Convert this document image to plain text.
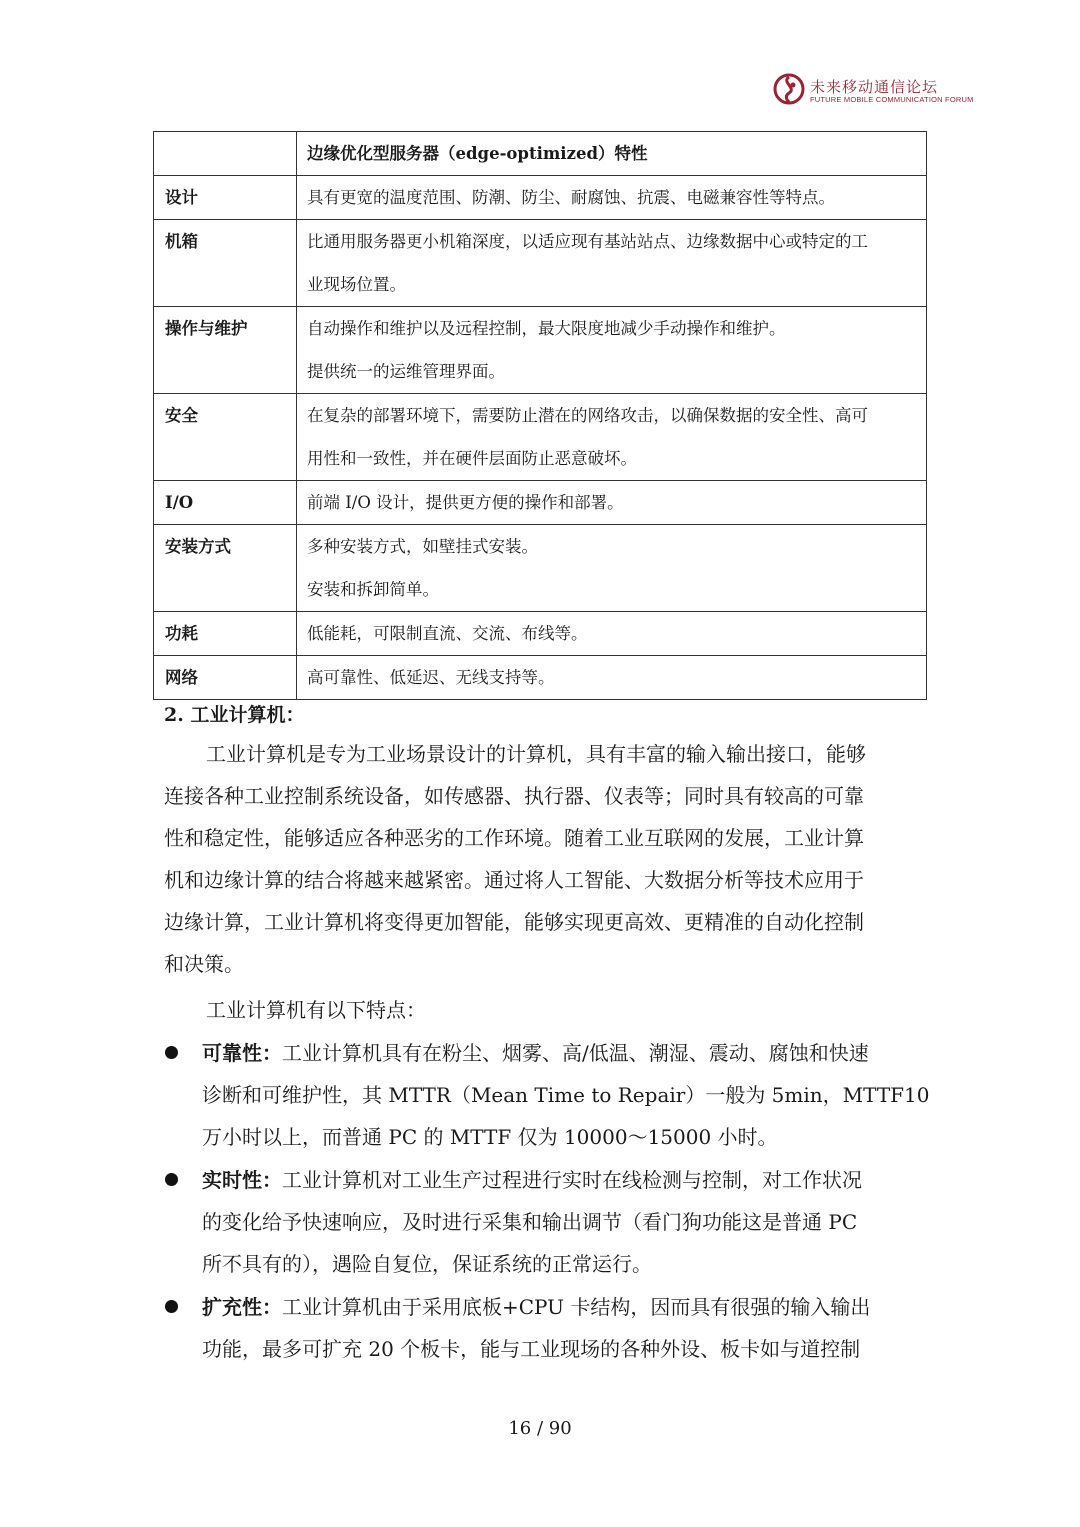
未来移动通信论坛
FUTURE MOBILE COMMUNICATION FORUM

	边缘优化型服务器（edge-optimized）特性

设计	具有更宽的温度范围、防潮、防尘、耐腐蚀、抗震、电磁兼容性等特点。

机箱	比通用服务器更小机箱深度，以适应现有基站站点、边缘数据中心或特定的工
业现场位置。

操作与维护	自动操作和维护以及远程控制，最大限度地减少手动操作和维护。
提供统一的运维管理界面。

安全	在复杂的部署环境下，需要防止潜在的网络攻击，以确保数据的安全性、高可
用性和一致性，并在硬件层面防止恶意破坏。

I/O	前端 I/O 设计，提供更方便的操作和部署。

安装方式	多种安装方式，如壁挂式安装。
安装和拆卸简单。

功耗	低能耗，可限制直流、交流、布线等。

网络	高可靠性、低延迟、无线支持等。
2. 工业计算机：
工业计算机是专为工业场景设计的计算机，具有丰富的输入输出接口，能够
连接各种工业控制系统设备，如传感器、执行器、仪表等；同时具有较高的可靠
性和稳定性，能够适应各种恶劣的工作环境。随着工业互联网的发展，工业计算
机和边缘计算的结合将越来越紧密。通过将人工智能、大数据分析等技术应用于
边缘计算，工业计算机将变得更加智能，能够实现更高效、更精准的自动化控制
和决策。
工业计算机有以下特点：
可靠性：工业计算机具有在粉尘、烟雾、高/低温、潮湿、震动、腐蚀和快速
诊断和可维护性，其 MTTR（Mean Time to Repair）一般为 5min，MTTF10
万小时以上，而普通 PC 的 MTTF 仅为 10000～15000 小时。
实时性：工业计算机对工业生产过程进行实时在线检测与控制，对工作状况
的变化给予快速响应，及时进行采集和输出调节（看门狗功能这是普通 PC
所不具有的），遇险自复位，保证系统的正常运行。
扩充性：工业计算机由于采用底板+CPU 卡结构，因而具有很强的输入输出
功能，最多可扩充 20 个板卡，能与工业现场的各种外设、板卡如与道控制
16 / 90
